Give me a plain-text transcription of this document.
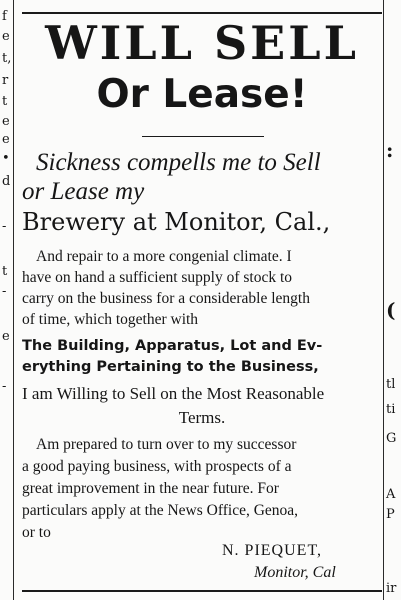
f
e
t,
r
t
e
e
•
d
-
t
-
e
-
:
(
tl
ti
G
A
P
ir
WILL SELL
Or Lease!
Sickness compells me to Sell
or Lease my
Brewery at Monitor, Cal.,
And repair to a more congenial climate. I
have on hand a sufficient supply of stock to
carry on the business for a considerable length
of time, which together with
The Building, Apparatus, Lot and Ev-
erything Pertaining to the Business,
I am Willing to Sell on the Most Reasonable
Terms.
Am prepared to turn over to my successor
a good paying business, with prospects of a
great improvement in the near future. For
particulars apply at the News Office, Genoa,
or to
N. PIEQUET,
Monitor, Cal
